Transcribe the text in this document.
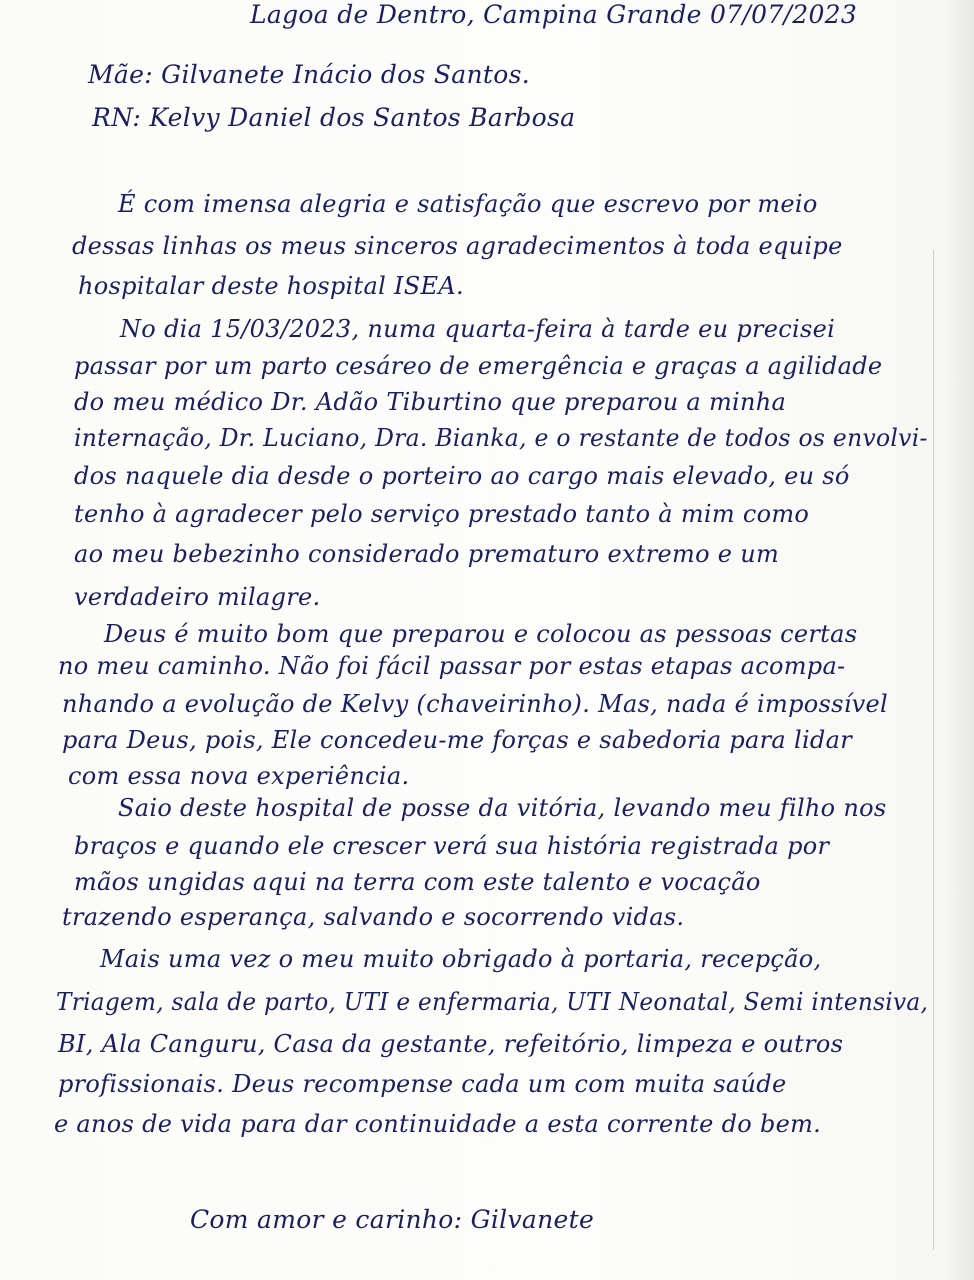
Lagoa de Dentro, Campina Grande 07/07/2023
Mãe: Gilvanete Inácio dos Santos.
RN: Kelvy Daniel dos Santos Barbosa
É com imensa alegria e satisfação que escrevo por meio
dessas linhas os meus sinceros agradecimentos à toda equipe
hospitalar deste hospital ISEA.
No dia 15/03/2023, numa quarta-feira à tarde eu precisei
passar por um parto cesáreo de emergência e graças a agilidade
do meu médico Dr. Adão Tiburtino que preparou a minha
internação, Dr. Luciano, Dra. Bianka, e o restante de todos os envolvi-
dos naquele dia desde o porteiro ao cargo mais elevado, eu só
tenho à agradecer pelo serviço prestado tanto à mim como
ao meu bebezinho considerado prematuro extremo e um
verdadeiro milagre.
Deus é muito bom que preparou e colocou as pessoas certas
no meu caminho. Não foi fácil passar por estas etapas acompa-
nhando a evolução de Kelvy (chaveirinho). Mas, nada é impossível
para Deus, pois, Ele concedeu-me forças e sabedoria para lidar
com essa nova experiência.
Saio deste hospital de posse da vitória, levando meu filho nos
braços e quando ele crescer verá sua história registrada por
mãos ungidas aqui na terra com este talento e vocação
trazendo esperança, salvando e socorrendo vidas.
Mais uma vez o meu muito obrigado à portaria, recepção,
Triagem, sala de parto, UTI e enfermaria, UTI Neonatal, Semi intensiva,
BI, Ala Canguru, Casa da gestante, refeitório, limpeza e outros
profissionais. Deus recompense cada um com muita saúde
e anos de vida para dar continuidade a esta corrente do bem.
Com amor e carinho: Gilvanete
